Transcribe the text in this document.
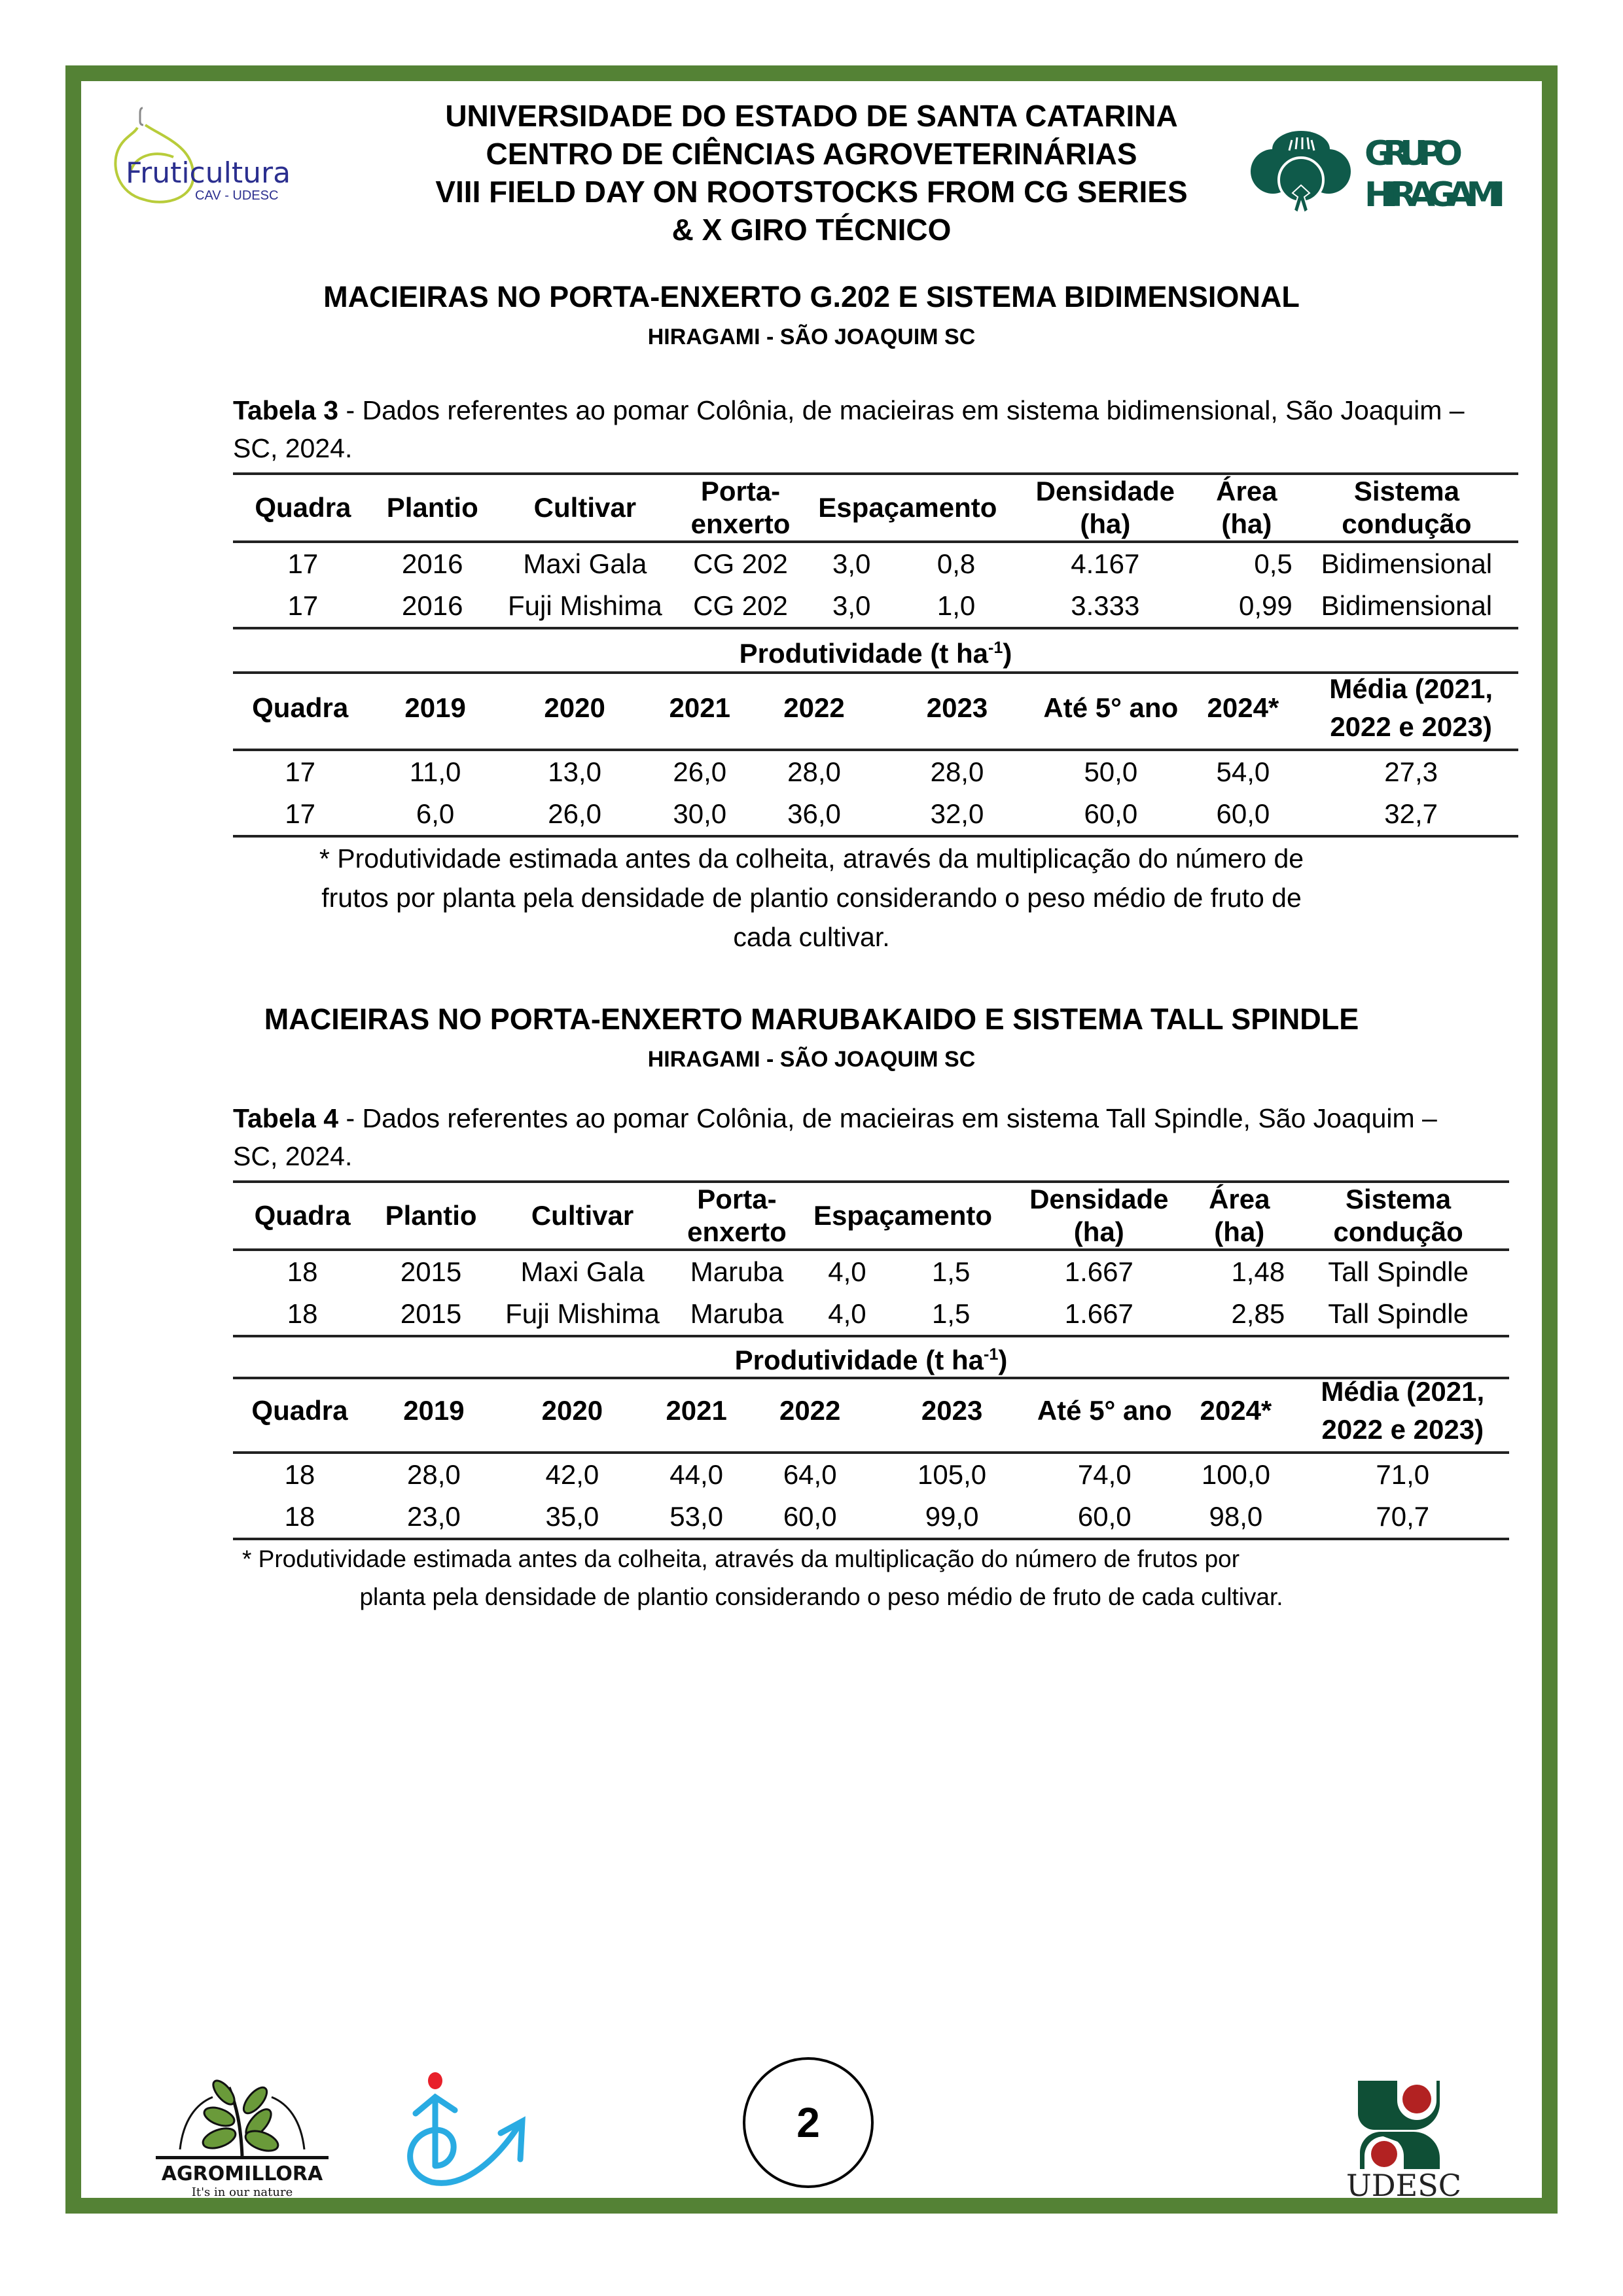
Fruticultura
CAV - UDESC
UNIVERSIDADE DO ESTADO DE SANTA CATARINA
CENTRO DE CIÊNCIAS AGROVETERINÁRIAS
VIII FIELD DAY ON ROOTSTOCKS FROM CG SERIES
& X GIRO TÉCNICO
GRUPO
HIRAGAMI
MACIEIRAS NO PORTA-ENXERTO G.202 E SISTEMA BIDIMENSIONAL
HIRAGAMI - SÃO JOAQUIM SC
Tabela 3 - Dados referentes ao pomar Colônia, de macieiras em sistema bidimensional, São Joaquim – SC, 2024.
Quadra	Plantio	Cultivar	Porta-enxerto	Espaçamento		Densidade (ha)	Área (ha)	Sistema condução
17	2016	Maxi Gala	CG 202	3,0	0,8	4.167	0,5	Bidimensional
17	2016	Fuji Mishima	CG 202	3,0	1,0	3.333	0,99	Bidimensional
Produtividade (t $ha^{-1}$)								
Quadra	2019	2020	2021	2022	2023	Até 5° ano	2024*	Média (2021, 2022 e 2023)
17	11,0	13,0	26,0	28,0	28,0	50,0	54,0	27,3
17	6,0	26,0	30,0	36,0	32,0	60,0	60,0	32,7
* Produtividade estimada antes da colheita, através da multiplicação do número de
frutos por planta pela densidade de plantio considerando o peso médio de fruto de
cada cultivar.
MACIEIRAS NO PORTA-ENXERTO MARUBAKAIDO E SISTEMA TALL SPINDLE
HIRAGAMI - SÃO JOAQUIM SC
Tabela 4 - Dados referentes ao pomar Colônia, de macieiras em sistema Tall Spindle, São Joaquim – SC, 2024.
Quadra	Plantio	Cultivar	Porta-enxerto	Espaçamento		Densidade (ha)	Área (ha)	Sistema condução
18	2015	Maxi Gala	Maruba	4,0	1,5	1.667	1,48	Tall Spindle
18	2015	Fuji Mishima	Maruba	4,0	1,5	1.667	2,85	Tall Spindle
Produtividade (t $ha^{-1}$)								
Quadra	2019	2020	2021	2022	2023	Até 5° ano	2024*	Média (2021, 2022 e 2023)
18	28,0	42,0	44,0	64,0	105,0	74,0	100,0	71,0
18	23,0	35,0	53,0	60,0	99,0	60,0	98,0	70,7
* Produtividade estimada antes da colheita, através da multiplicação do número de frutos por
planta pela densidade de plantio considerando o peso médio de fruto de cada cultivar.
AGROMILLORA
It's in our nature
2
UDESC
